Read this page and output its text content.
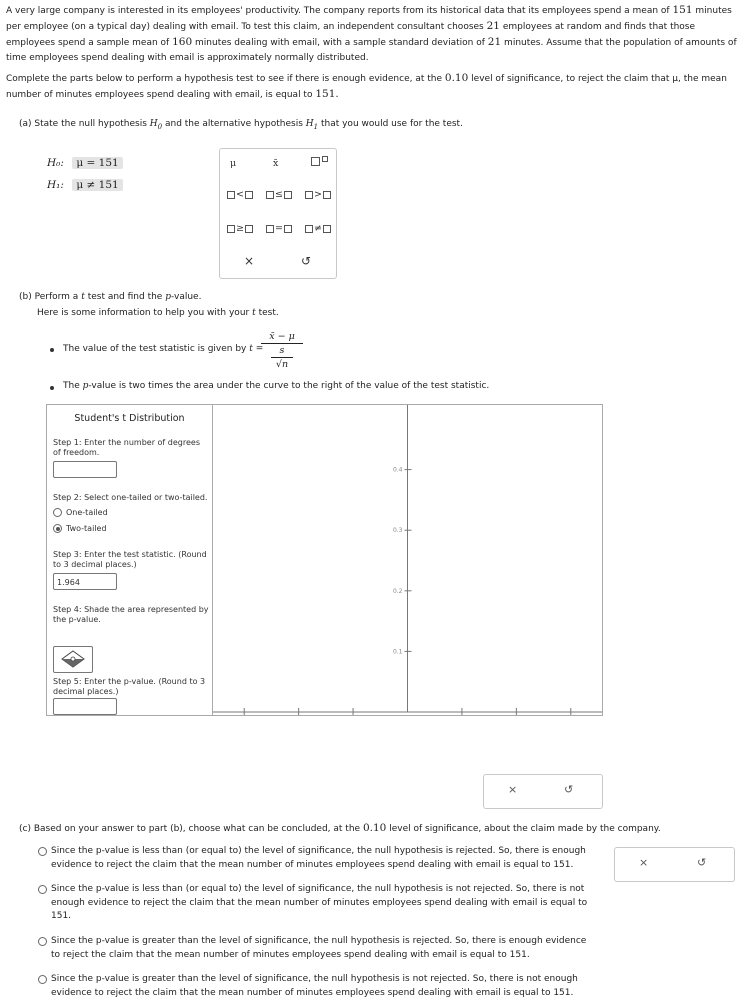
A very large company is interested in its employees' productivity. The company reports from its historical data that its employees spend a mean of 151 minutes
per employee (on a typical day) dealing with email. To test this claim, an independent consultant chooses 21 employees at random and finds that those
employees spend a sample mean of 160 minutes dealing with email, with a sample standard deviation of 21 minutes. Assume that the population of amounts of
time employees spend dealing with email is approximately normally distributed.
Complete the parts below to perform a hypothesis test to see if there is enough evidence, at the 0.10 level of significance, to reject the claim that μ, the mean
number of minutes employees spend dealing with email, is equal to 151.
(a) State the null hypothesis $H_0$ and the alternative hypothesis $H_1$ that you would use for the test.
H₀: μ = 151
H₁: μ ≠ 151
μ	x̄
<	≤	>
≥	=	≠
×	↺
(b) Perform a t test and find the p-value.
Here is some information to help you with your t test.
The value of the test statistic is given by t =
x̄ − μ
s
√n
The p-value is two times the area under the curve to the right of the value of the test statistic.
Student's t Distribution
Step 1: Enter the number of degrees of freedom.
Step 2: Select one-tailed or two-tailed.
One-tailed
Two-tailed
Step 3: Enter the test statistic. (Round to 3 decimal places.)
1.964
Step 4: Shade the area represented by the p-value.
Step 5: Enter the p-value. (Round to 3 decimal places.)
0.4
0.3
0.2
0.1
×	↺
(c) Based on your answer to part (b), choose what can be concluded, at the 0.10 level of significance, about the claim made by the company.
Since the p-value is less than (or equal to) the level of significance, the null hypothesis is rejected. So, there is enough
evidence to reject the claim that the mean number of minutes employees spend dealing with email is equal to 151.
Since the p-value is less than (or equal to) the level of significance, the null hypothesis is not rejected. So, there is not
enough evidence to reject the claim that the mean number of minutes employees spend dealing with email is equal to
151.
Since the p-value is greater than the level of significance, the null hypothesis is rejected. So, there is enough evidence
to reject the claim that the mean number of minutes employees spend dealing with email is equal to 151.
Since the p-value is greater than the level of significance, the null hypothesis is not rejected. So, there is not enough
evidence to reject the claim that the mean number of minutes employees spend dealing with email is equal to 151.
×	↺
